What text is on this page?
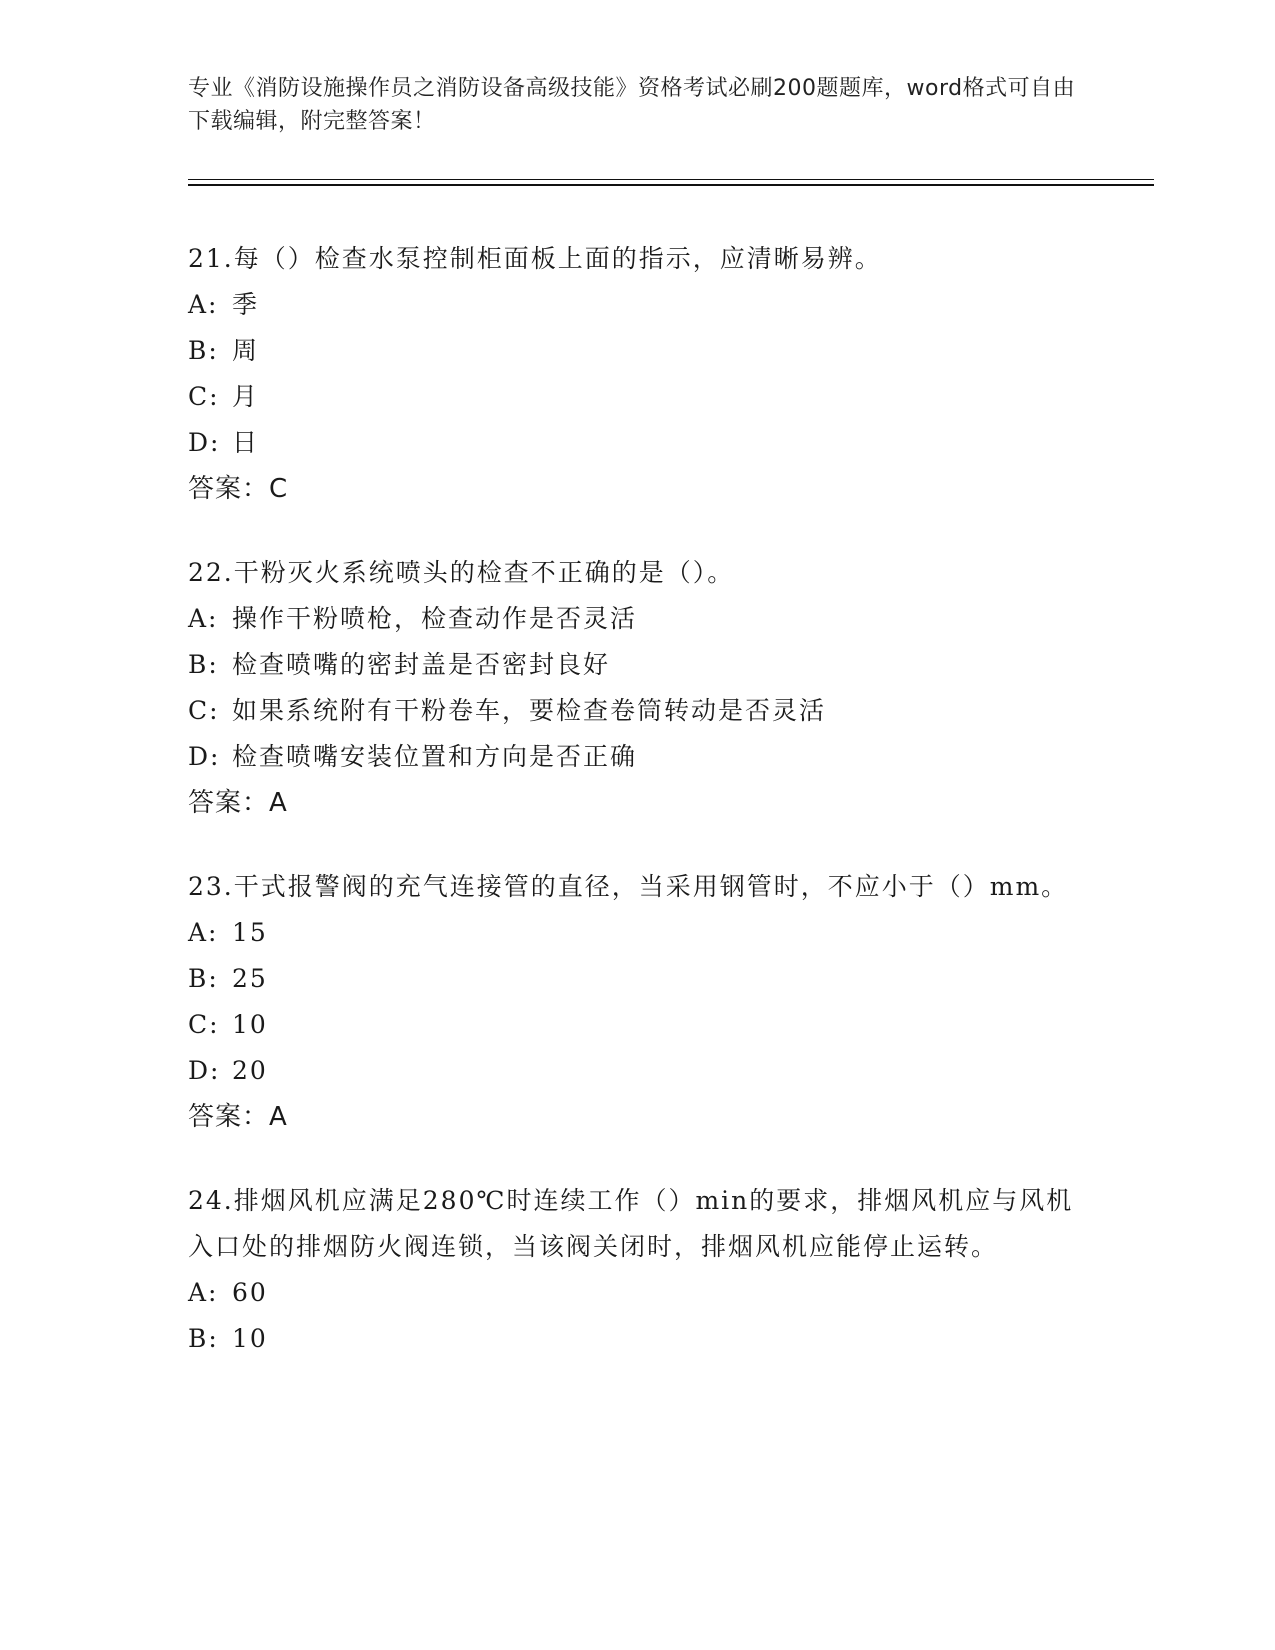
专业《消防设施操作员之消防设备高级技能》资格考试必刷200题题库，word格式可自由下载编辑，附完整答案！

21.每（）检查水泵控制柜面板上面的指示，应清晰易辨。

A: 季

B: 周

C: 月

D: 日

答案：C

22.干粉灭火系统喷头的检查不正确的是（）。

A: 操作干粉喷枪，检查动作是否灵活

B: 检查喷嘴的密封盖是否密封良好

C: 如果系统附有干粉卷车，要检查卷筒转动是否灵活

D: 检查喷嘴安装位置和方向是否正确

答案：A

23.干式报警阀的充气连接管的直径，当采用钢管时，不应小于（）mm。

A: 15

B: 25

C: 10

D: 20

答案：A

24.排烟风机应满足280℃时连续工作（）min的要求，排烟风机应与风机入口处的排烟防火阀连锁，当该阀关闭时，排烟风机应能停止运转。

A: 60

B: 10
